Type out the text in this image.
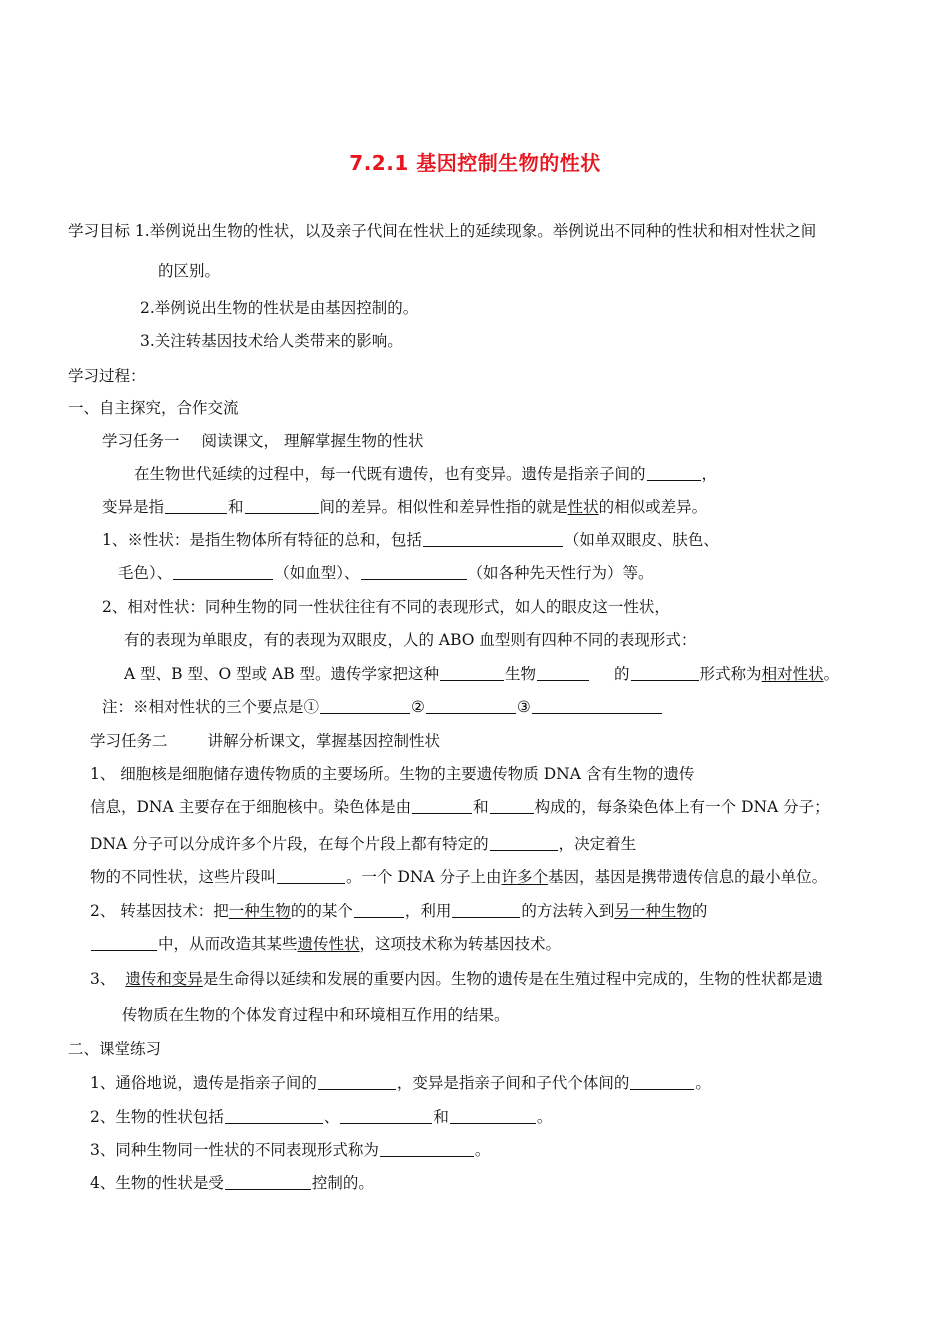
7.2.1 基因控制生物的性状
学习目标 1.举例说出生物的性状，以及亲子代间在性状上的延续现象。举例说出不同种的性状和相对性状之间
的区别。
2.举例说出生物的性状是由基因控制的。
3.关注转基因技术给人类带来的影响。
学习过程：
一、自主探究，合作交流
学习任务一 阅读课文， 理解掌握生物的性状
在生物世代延续的过程中，每一代既有遗传，也有变异。遗传是指亲子间的	，
变异是指	和	间的差异。相似性和差异性指的就是性状的相似或差异。
1、※性状：是指生物体所有特征的总和，包括	（如单双眼皮、肤色、
毛色）、	（如血型）、	（如各种先天性行为）等。
2、相对性状：同种生物的同一性状往往有不同的表现形式，如人的眼皮这一性状，
有的表现为单眼皮，有的表现为双眼皮，人的 ABO 血型则有四种不同的表现形式：
A 型、B 型、O 型或 AB 型。遗传学家把这种	生物	的	形式称为相对性状。
注：※相对性状的三个要点是①	②	③
学习任务二	讲解分析课文，掌握基因控制性状
1、 细胞核是细胞储存遗传物质的主要场所。生物的主要遗传物质 DNA 含有生物的遗传
信息，DNA 主要存在于细胞核中。染色体是由	和	构成的，每条染色体上有一个 DNA 分子；
DNA 分子可以分成许多个片段，在每个片段上都有特定的	，决定着生
物的不同性状，这些片段叫	。一个 DNA 分子上由许多个基因，基因是携带遗传信息的最小单位。
2、 转基因技术：把一种生物的的某个	，利用	的方法转入到另一种生物的
中，从而改造其某些遗传性状，这项技术称为转基因技术。
3、 遗传和变异是生命得以延续和发展的重要内因。生物的遗传是在生殖过程中完成的，生物的性状都是遗
传物质在生物的个体发育过程中和环境相互作用的结果。
二、课堂练习
1、通俗地说，遗传是指亲子间的	，变异是指亲子间和子代个体间的	。
2、生物的性状包括	、	和	。
3、同种生物同一性状的不同表现形式称为	。
4、生物的性状是受	控制的。
